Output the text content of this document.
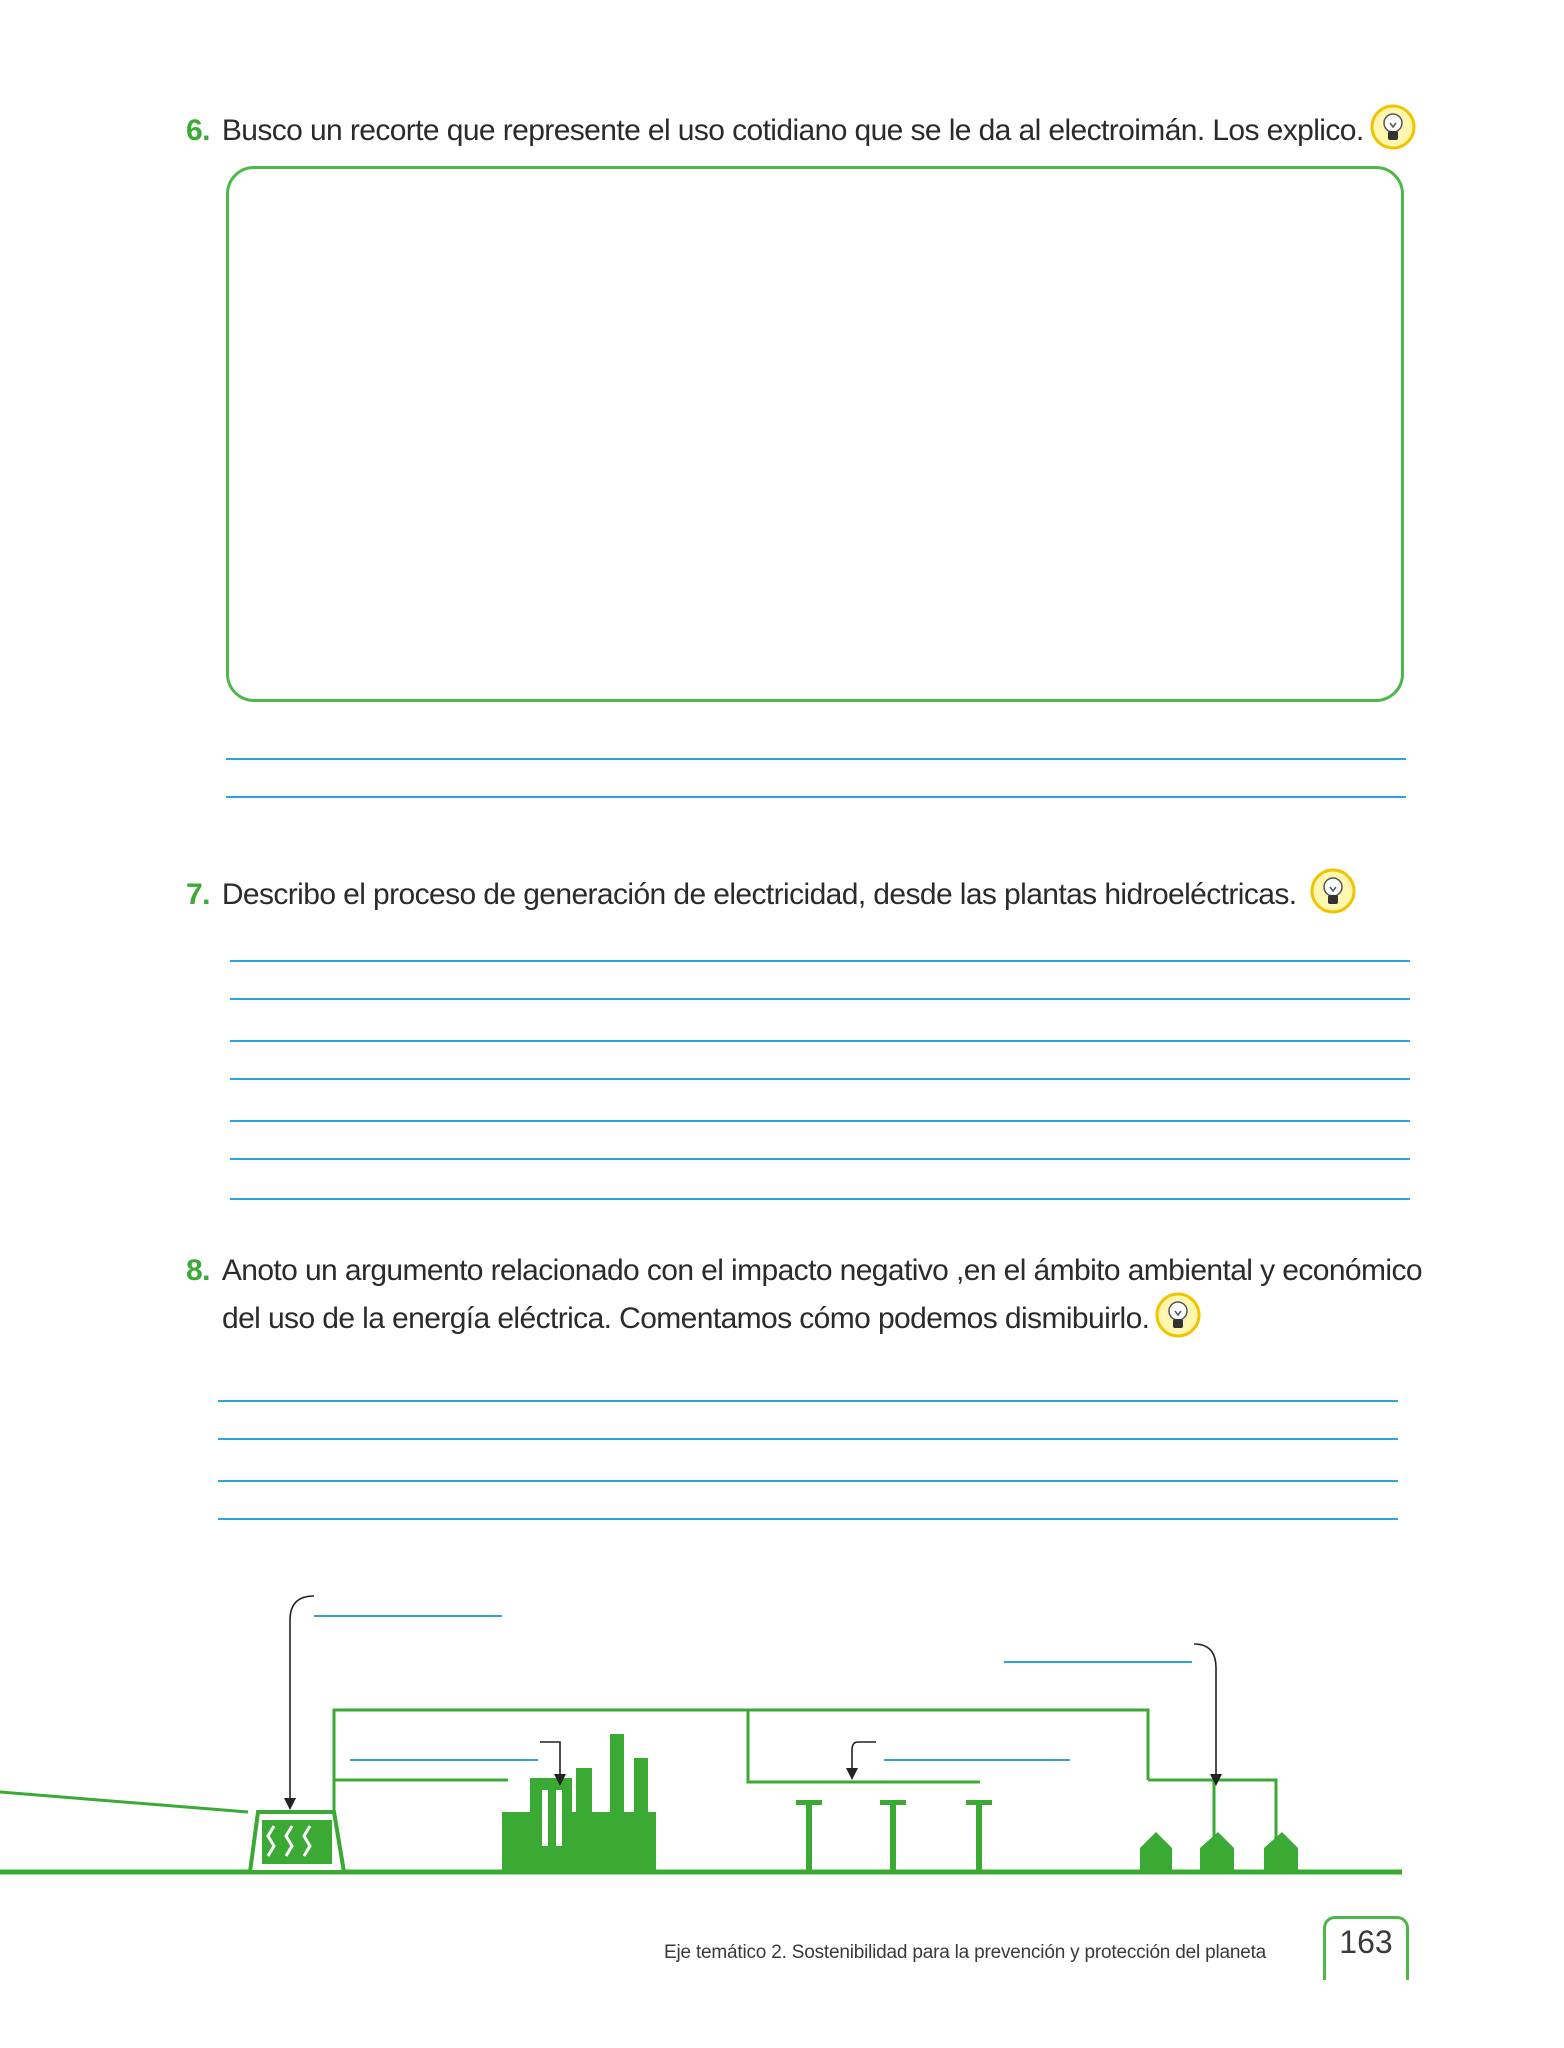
6. Busco un recorte que represente el uso cotidiano que se le da al electroimán. Los explico.
7. Describo el proceso de generación de electricidad, desde las plantas hidroeléctricas.
8. Anoto un argumento relacionado con el impacto negativo ,en el ámbito ambiental y económico
del uso de la energía eléctrica. Comentamos cómo podemos dismibuirlo.
Eje temático 2. Sostenibilidad para la prevención y protección del planeta	163
